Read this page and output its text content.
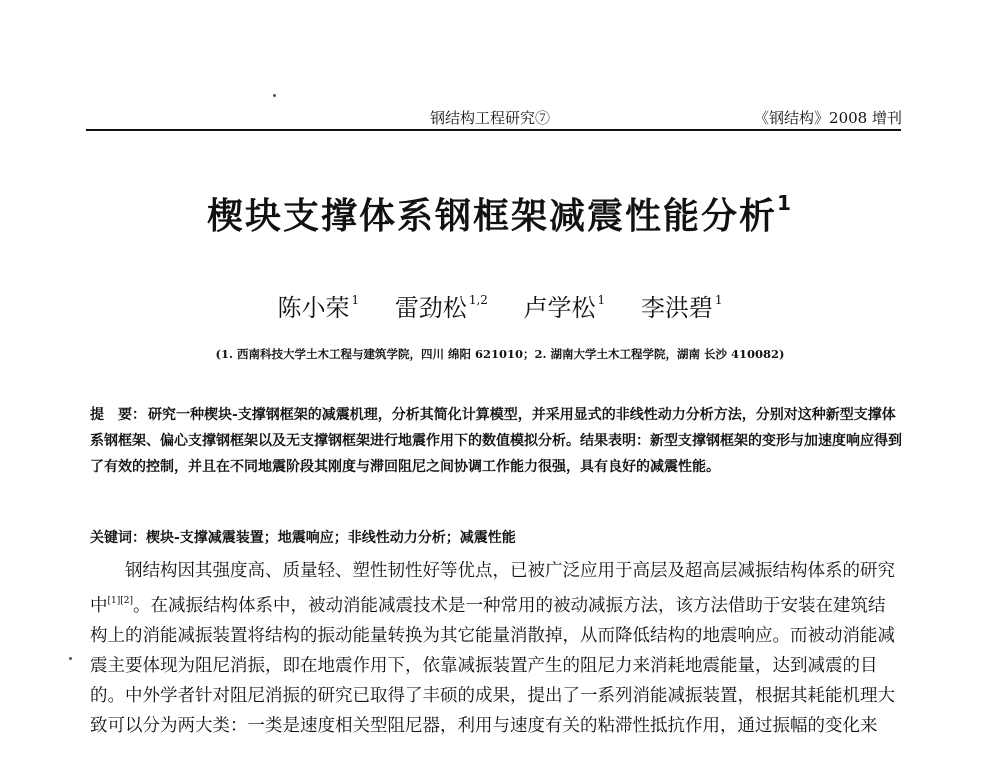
钢结构工程研究⑦	《钢结构》2008 增刊
楔块支撑体系钢框架减震性能分析$^1$
陈小荣 $^1$ 雷劲松 $^{1,2}$ 卢学松 $^1$ 李洪碧 $^1$
(1. 西南科技大学土木工程与建筑学院，四川 绵阳 621010；2. 湖南大学土木工程学院，湖南 长沙 410082)
提　要： 研究一种楔块-支撑钢框架的减震机理，分析其简化计算模型，并采用显式的非线性动力分析方法，分别对这种新型支撑体系钢框架、偏心支撑钢框架以及无支撑钢框架进行地震作用下的数值模拟分析。结果表明：新型支撑钢框架的变形与加速度响应得到了有效的控制，并且在不同地震阶段其刚度与滞回阻尼之间协调工作能力很强，具有良好的减震性能。
关键词：楔块-支撑减震装置；地震响应；非线性动力分析；减震性能

钢结构因其强度高、质量轻、塑性韧性好等优点，已被广泛应用于高层及超高层减振结构体系的研究中[1][2]。在减振结构体系中，被动消能减震技术是一种常用的被动减振方法，该方法借助于安装在建筑结构上的消能减振装置将结构的振动能量转换为其它能量消散掉，从而降低结构的地震响应。而被动消能减震主要体现为阻尼消振，即在地震作用下，依靠减振装置产生的阻尼力来消耗地震能量，达到减震的目的。中外学者针对阻尼消振的研究已取得了丰硕的成果，提出了一系列消能减振装置，根据其耗能机理大致可以分为两大类：一类是速度相关型阻尼器，利用与速度有关的粘滞性抵抗作用，通过振幅的变化来
